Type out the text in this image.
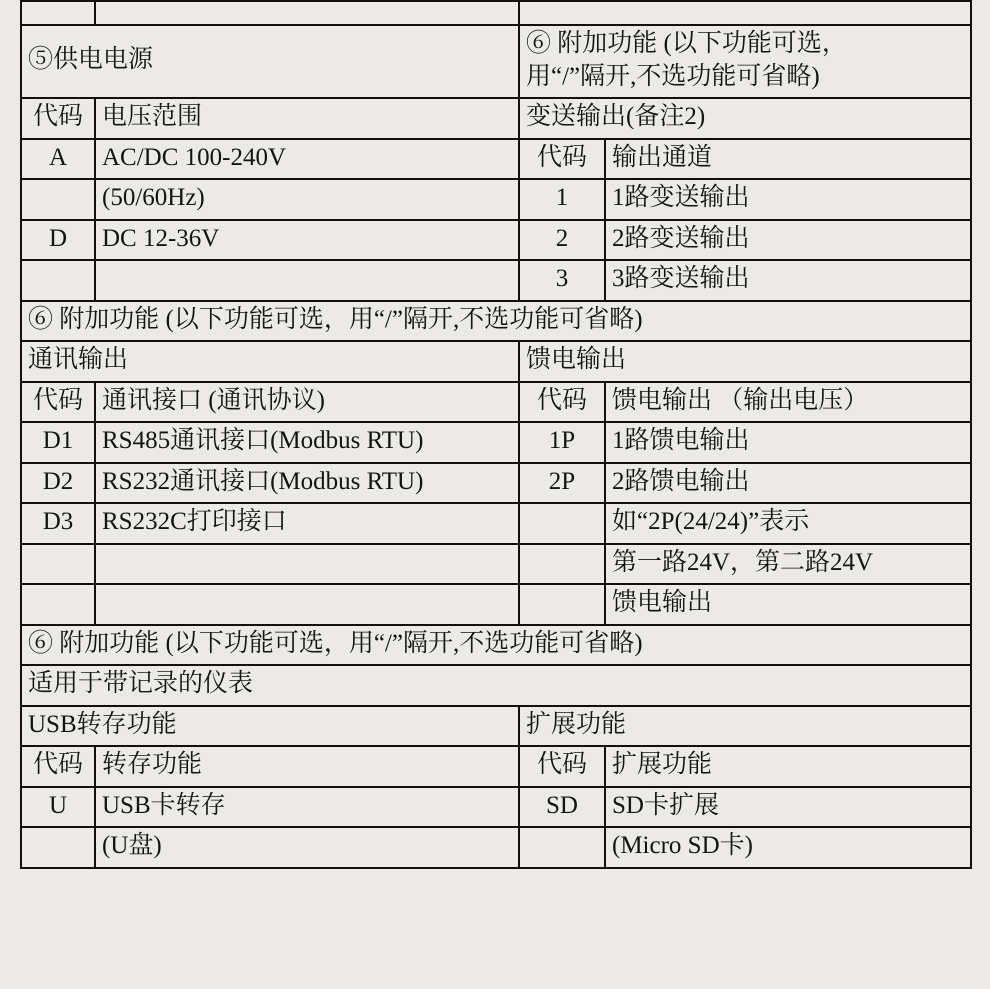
⑤供电电源		⑥ 附加功能 (以下功能可选，
用“/”隔开,不选功能可省略)	

代码	电压范围	变送输出(备注2)	
A	AC/DC 100-240V	代码	输出通道
	(50/60Hz)	1	1路变送输出
D	DC 12-36V	2	2路变送输出
		3	3路变送输出
⑥ 附加功能 (以下功能可选，用“/”隔开,不选功能可省略)			
通讯输出		馈电输出	
代码	通讯接口 (通讯协议)	代码	馈电输出 （输出电压）
D1	RS485通讯接口(Modbus RTU)	1P	1路馈电输出
D2	RS232通讯接口(Modbus RTU)	2P	2路馈电输出
D3	RS232C打印接口		如“2P(24/24)”表示
			第一路24V，第二路24V
			馈电输出
⑥ 附加功能 (以下功能可选，用“/”隔开,不选功能可省略)			
适用于带记录的仪表			
USB转存功能		扩展功能	
代码	转存功能	代码	扩展功能
U	USB卡转存	SD	SD卡扩展
	(U盘)		(Micro SD卡)
